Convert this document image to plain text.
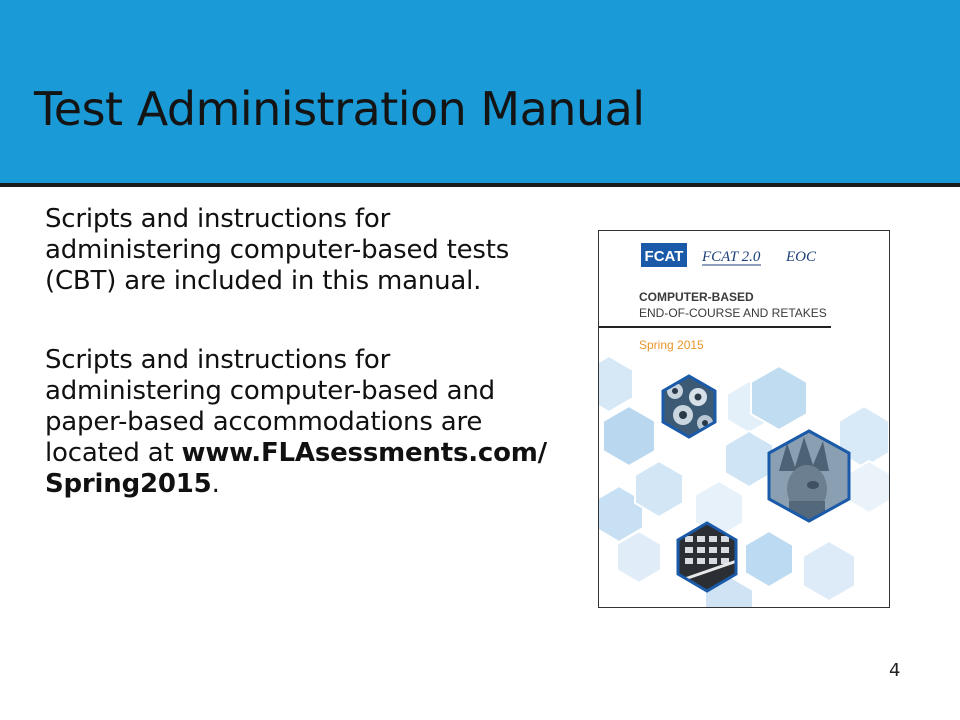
Test Administration Manual

Scripts and instructions for administering computer-based tests (CBT) are included in this manual.

Scripts and instructions for administering computer-based and paper-based accommodations are located at www.FLAsessments.com/ Spring2015.

FCAT FCAT 2.0 EOC
COMPUTER-BASED
END-OF-COURSE AND RETAKES
Spring 2015
4
